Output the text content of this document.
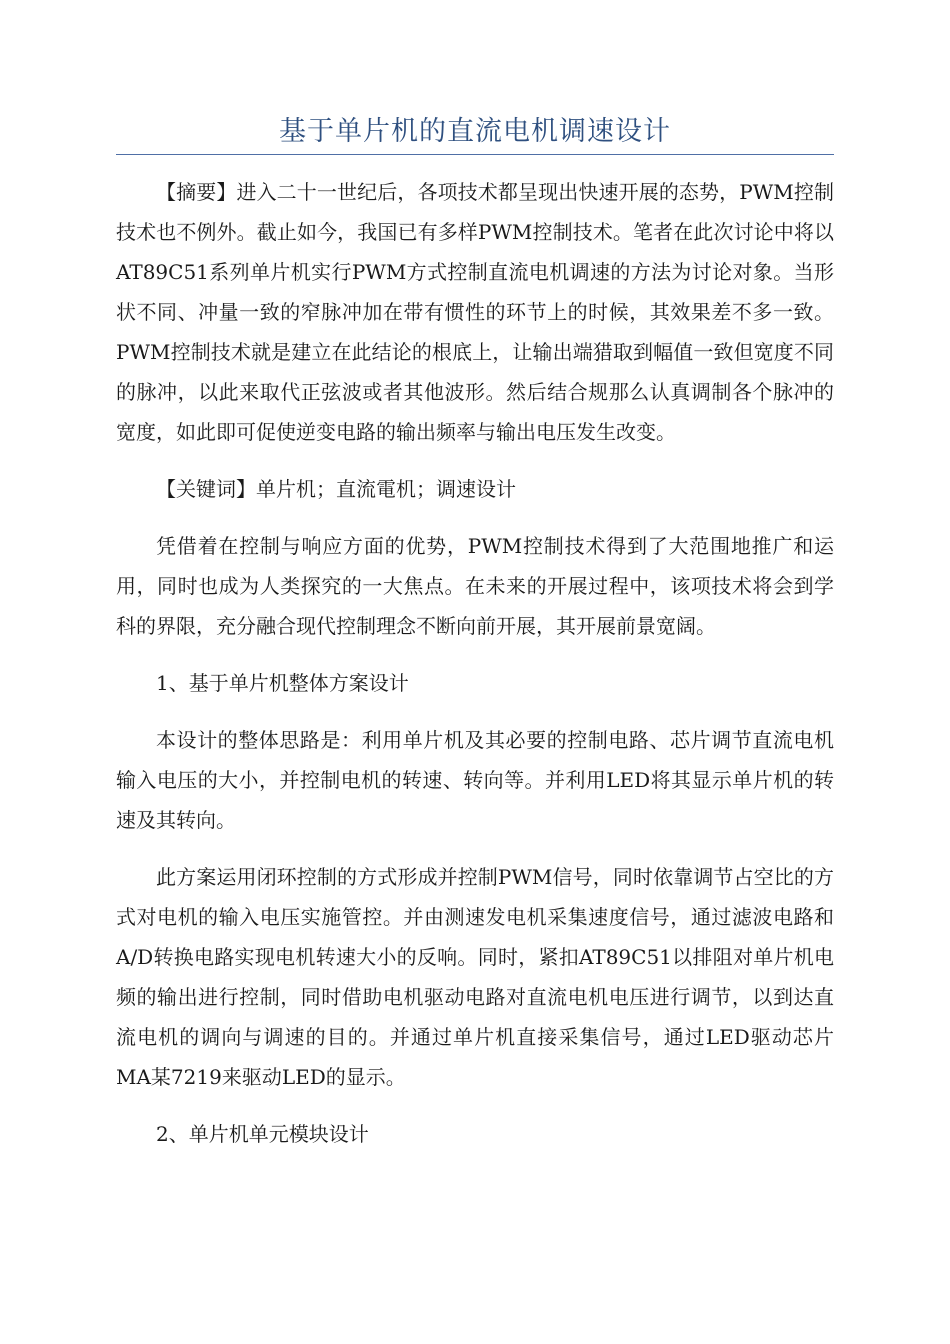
基于单片机的直流电机调速设计

【摘要】进入二十一世纪后，各项技术都呈现出快速开展的态势，PWM控制技术也不例外。截止如今，我国已有多样PWM控制技术。笔者在此次讨论中将以AT89C51系列单片机实行PWM方式控制直流电机调速的方法为讨论对象。当形状不同、冲量一致的窄脉冲加在带有惯性的环节上的时候，其效果差不多一致。PWM控制技术就是建立在此结论的根底上，让输出端猎取到幅值一致但宽度不同的脉冲，以此来取代正弦波或者其他波形。然后结合规那么认真调制各个脉冲的宽度，如此即可促使逆变电路的输出频率与输出电压发生改变。

【关键词】单片机；直流電机；调速设计

凭借着在控制与响应方面的优势，PWM控制技术得到了大范围地推广和运用，同时也成为人类探究的一大焦点。在未来的开展过程中，该项技术将会到学科的界限，充分融合现代控制理念不断向前开展，其开展前景宽阔。

1、基于单片机整体方案设计

本设计的整体思路是：利用单片机及其必要的控制电路、芯片调节直流电机输入电压的大小，并控制电机的转速、转向等。并利用LED将其显示单片机的转速及其转向。

此方案运用闭环控制的方式形成并控制PWM信号，同时依靠调节占空比的方式对电机的输入电压实施管控。并由测速发电机采集速度信号，通过滤波电路和A/D转换电路实现电机转速大小的反响。同时，紧扣AT89C51以排阻对单片机电频的输出进行控制，同时借助电机驱动电路对直流电机电压进行调节，以到达直流电机的调向与调速的目的。并通过单片机直接采集信号，通过LED驱动芯片MA某7219来驱动LED的显示。

2、单片机单元模块设计
